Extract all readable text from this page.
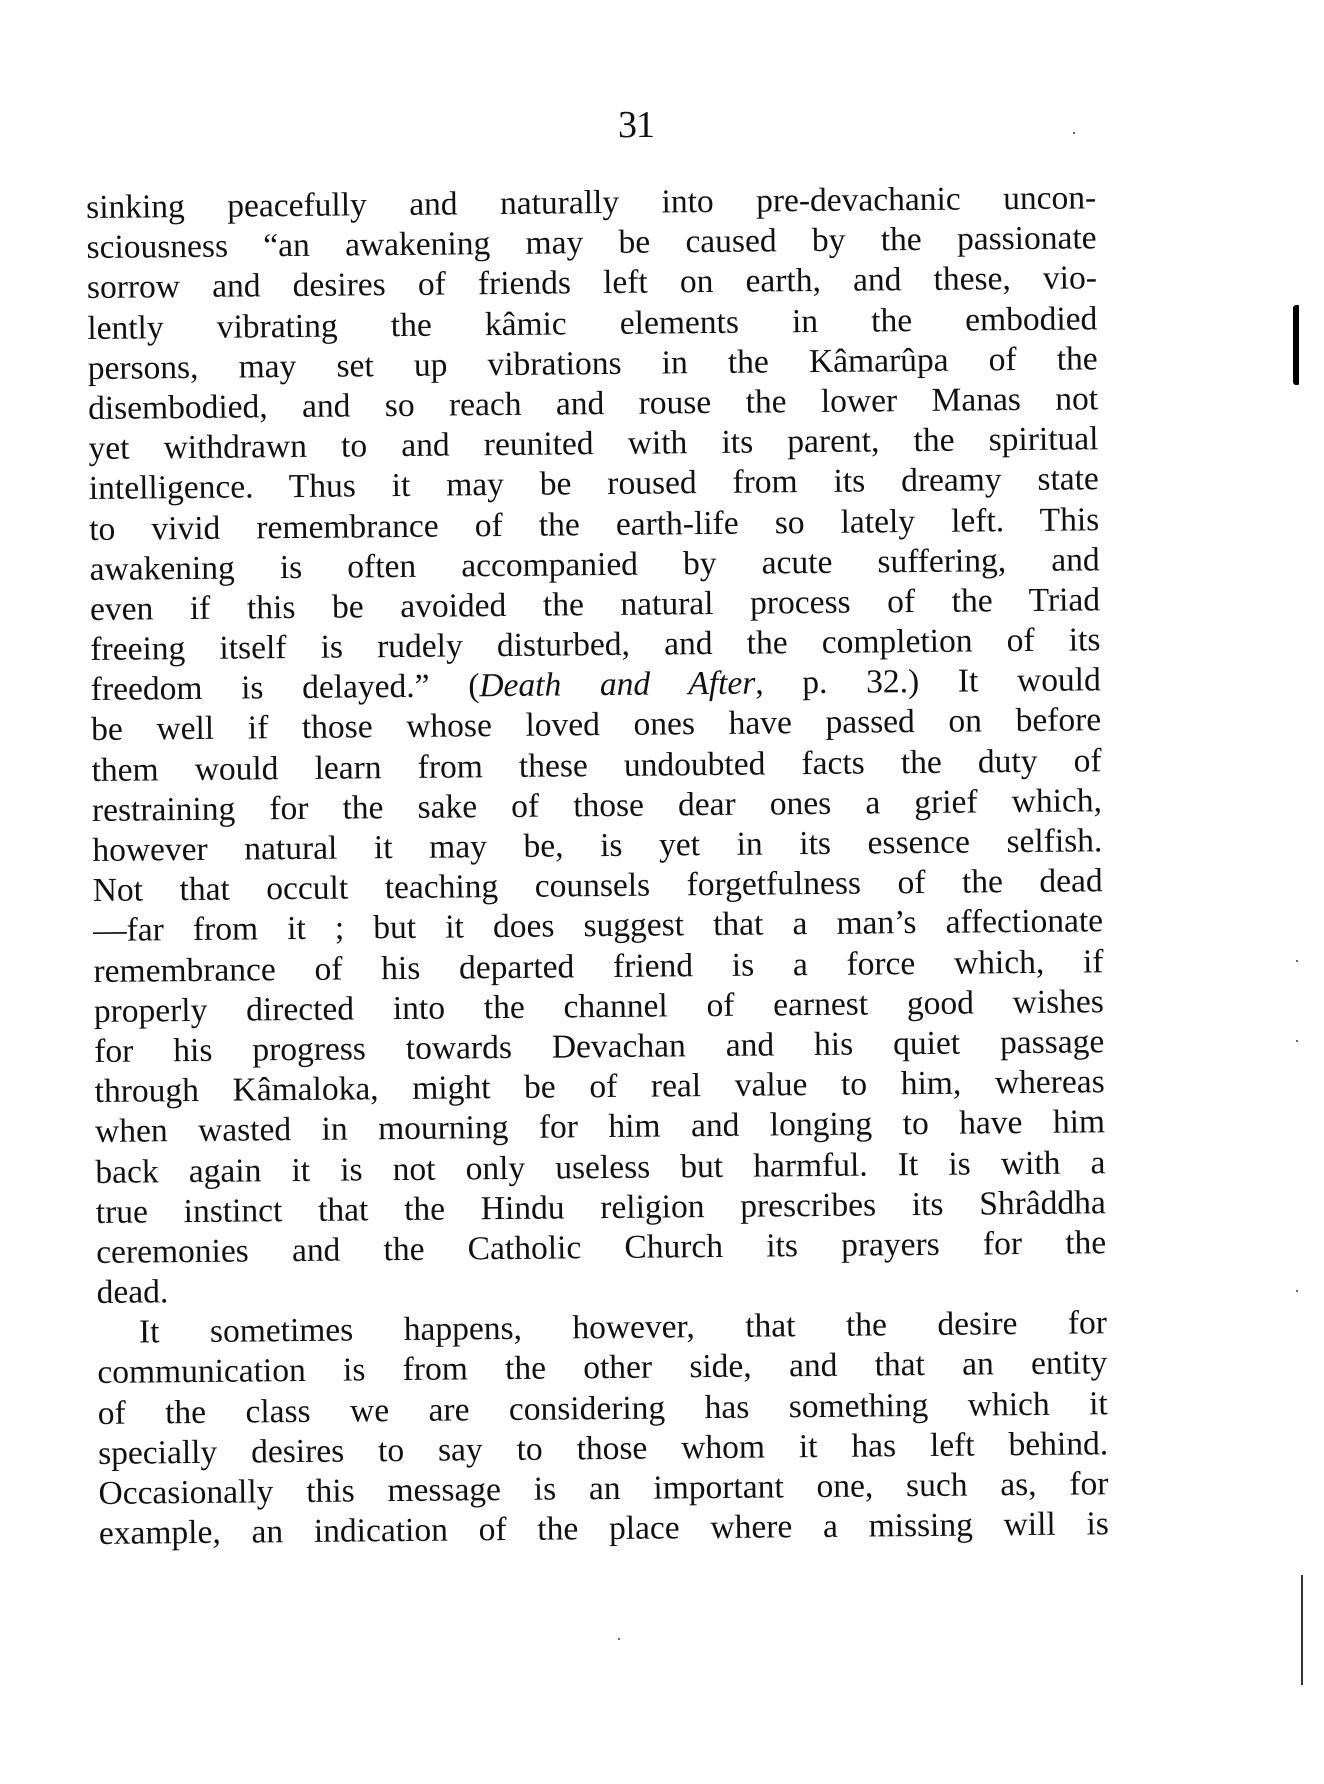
31
sinking peacefully and naturally into pre-devachanic uncon-
sciousness “an awakening may be caused by the passionate
sorrow and desires of friends left on earth, and these, vio-
lently vibrating the kâmic elements in the embodied
persons, may set up vibrations in the Kâmarûpa of the
disembodied, and so reach and rouse the lower Manas not
yet withdrawn to and reunited with its parent, the spiritual
intelligence. Thus it may be roused from its dreamy state
to vivid remembrance of the earth-life so lately left. This
awakening is often accompanied by acute suffering, and
even if this be avoided the natural process of the Triad
freeing itself is rudely disturbed, and the completion of its
freedom is delayed.” (Death and After, p. 32.) It would
be well if those whose loved ones have passed on before
them would learn from these undoubted facts the duty of
restraining for the sake of those dear ones a grief which,
however natural it may be, is yet in its essence selfish.
Not that occult teaching counsels forgetfulness of the dead
—far from it ; but it does suggest that a man’s affectionate
remembrance of his departed friend is a force which, if
properly directed into the channel of earnest good wishes
for his progress towards Devachan and his quiet passage
through Kâmaloka, might be of real value to him, whereas
when wasted in mourning for him and longing to have him
back again it is not only useless but harmful. It is with a
true instinct that the Hindu religion prescribes its Shrâddha
ceremonies and the Catholic Church its prayers for the
dead.
It sometimes happens, however, that the desire for
communication is from the other side, and that an entity
of the class we are considering has something which it
specially desires to say to those whom it has left behind.
Occasionally this message is an important one, such as, for
example, an indication of the place where a missing will is
